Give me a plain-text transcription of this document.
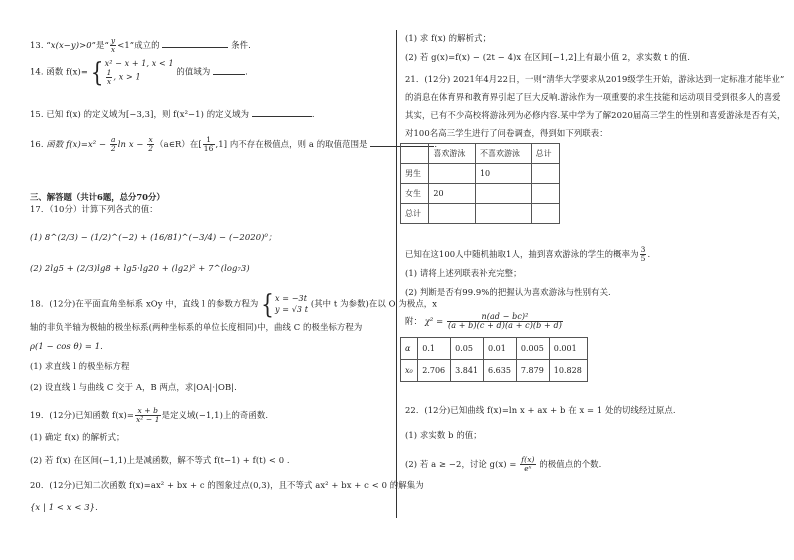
13. “x(x−y)>0”是“ $\frac{y}{x} <1$”成立的	条件.
14. 函数 f(x)= {x² − x + 1, x < 1

$\frac{1}{x}$ , x > 1 的值域为	.
15. 已知 f(x) 的定义域为[−3,3]，则 f(x²−1) 的定义域为	.
16. 函数 $f(x)=x^2 - \frac{a}{2}$ $\ln x - \frac{x}{2}$ （a∈R）在[ $\frac{1}{16} ,1$] 内不存在极值点，则 a 的取值范围是	.
三、解答题（共计6题，总分70分）
17．（10分）计算下列各式的值：
(1) 8^(2/3) − (1/2)^(−2) + (16/81)^(−3/4) − (−2020)⁰；
(2) 2lg5 + (2/3)lg8 + lg5·lg20 + (lg2)² + 7^(log₇3)
18．(12分)在平面直角坐标系 xOy 中，直线 l 的参数方程为 {x = −3t
y = √3 t (其中 t 为参数)在以 O 为极点，x
轴的非负半轴为极轴的极坐标系(两种坐标系的单位长度相同)中，曲线 C 的极坐标方程为
ρ(1 − cos θ) = 1.
(1) 求直线 l 的极坐标方程
(2) 设直线 l 与曲线 C 交于 A，B 两点，求|OA|·|OB|.
19．(12分)已知函数 $f(x)= \frac{x + b}{\text{x² − 1}}$ 是定义域(−1,1)上的奇函数.
(1) 确定 f(x) 的解析式；
(2) 若 f(x) 在区间(−1,1)上是减函数，解不等式 f(t−1) + f(t) < 0 .
20．(12分)已知二次函数 f(x)=ax² + bx + c 的图象过点(0,3)，且不等式 ax² + bx + c < 0 的解集为
{x | 1 < x < 3}.
(1) 求 f(x) 的解析式；
(2) 若 g(x)=f(x) − (2t − 4)x 在区间[−1,2]上有最小值 2，求实数 t 的值.
21．(12分) 2021年4月22日，一则“清华大学要求从2019级学生开始，游泳达到一定标准才能毕业”
的消息在体育界和教育界引起了巨大反响.游泳作为一项重要的求生技能和运动项目受到很多人的喜爱
其实，已有不少高校将游泳列为必修内容.某中学为了解2020届高三学生的性别和喜爱游泳是否有关，
对100名高三学生进行了问卷调查，得到如下列联表：
	喜欢游泳	不喜欢游泳	总计
男生		10	
女生	20		
总计			
已知在这100人中随机抽取1人，抽到喜欢游泳的学生的概率为 $\frac{3}{5}$ .
(1) 请将上述列联表补充完整；
(2) 判断是否有99.9%的把握认为喜欢游泳与性别有关.
附： $\chi^2 = \frac{\text{n(ad − bc)²}}{(a + b)(c + d)(a + c)(b + d)}$
α	0.1	0.05	0.01	0.005	0.001
x₀	2.706	3.841	6.635	7.879	10.828
22．(12分)已知曲线 f(x)=ln x + ax + b 在 x = 1 处的切线经过原点.
(1) 求实数 b 的值；
(2) 若 a ≥ −2，讨论 $g(x) = \frac{f(x)}{\text{eˣ}}$ 的极值点的个数.
